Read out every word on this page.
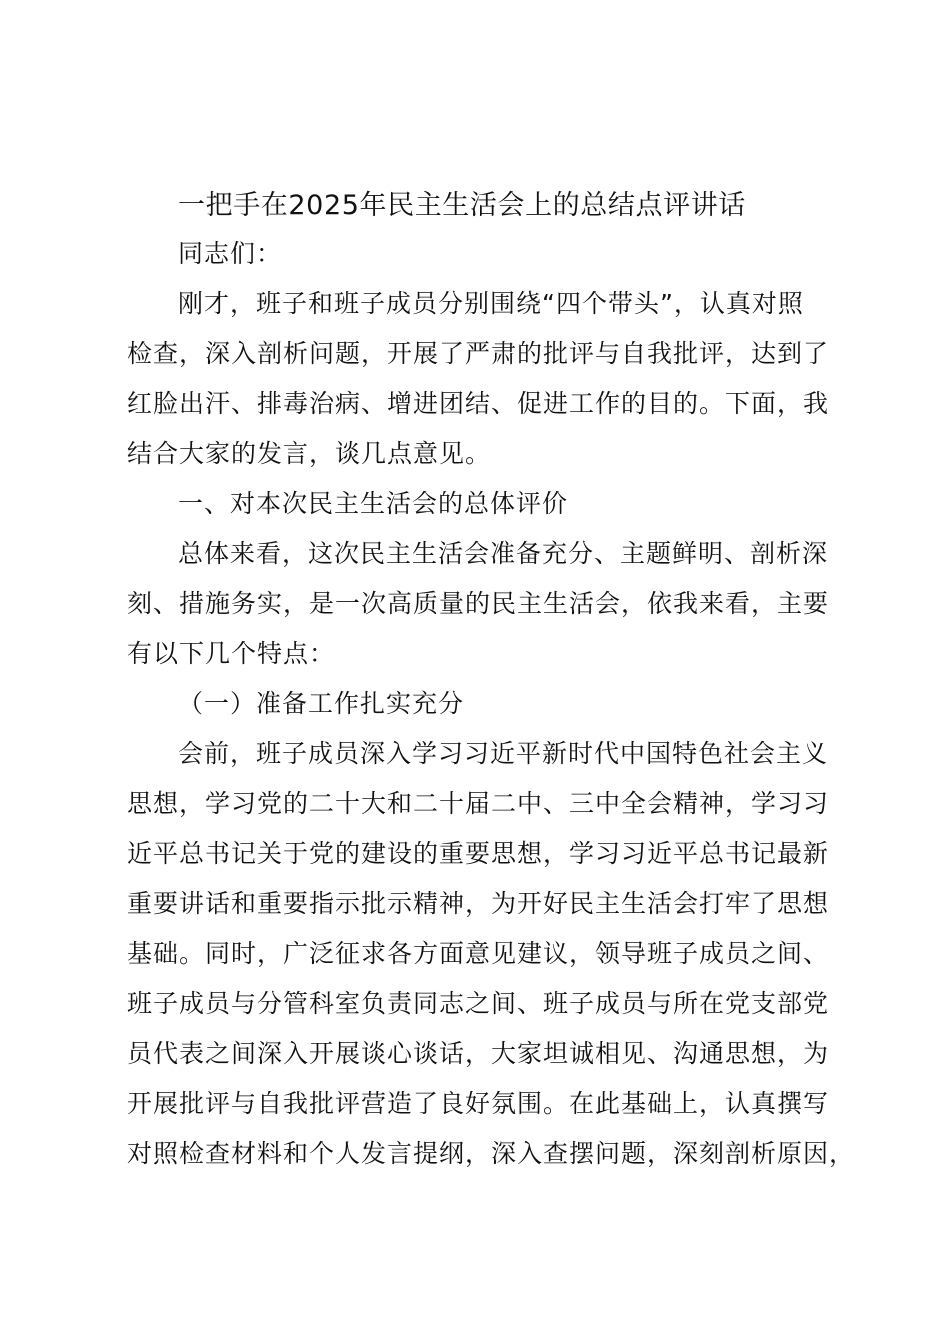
一把手在2025年民主生活会上的总结点评讲话
同志们：
刚才，班子和班子成员分别围绕“四个带头”，认真对照
检查，深入剖析问题，开展了严肃的批评与自我批评，达到了
红脸出汗、排毒治病、增进团结、促进工作的目的。下面，我
结合大家的发言，谈几点意见。
一、对本次民主生活会的总体评价
总体来看，这次民主生活会准备充分、主题鲜明、剖析深
刻、措施务实，是一次高质量的民主生活会，依我来看，主要
有以下几个特点：
（一）准备工作扎实充分
会前，班子成员深入学习习近平新时代中国特色社会主义
思想，学习党的二十大和二十届二中、三中全会精神，学习习
近平总书记关于党的建设的重要思想，学习习近平总书记最新
重要讲话和重要指示批示精神，为开好民主生活会打牢了思想
基础。同时，广泛征求各方面意见建议，领导班子成员之间、
班子成员与分管科室负责同志之间、班子成员与所在党支部党
员代表之间深入开展谈心谈话，大家坦诚相见、沟通思想，为
开展批评与自我批评营造了良好氛围。在此基础上，认真撰写
对照检查材料和个人发言提纲，深入查摆问题，深刻剖析原因，
